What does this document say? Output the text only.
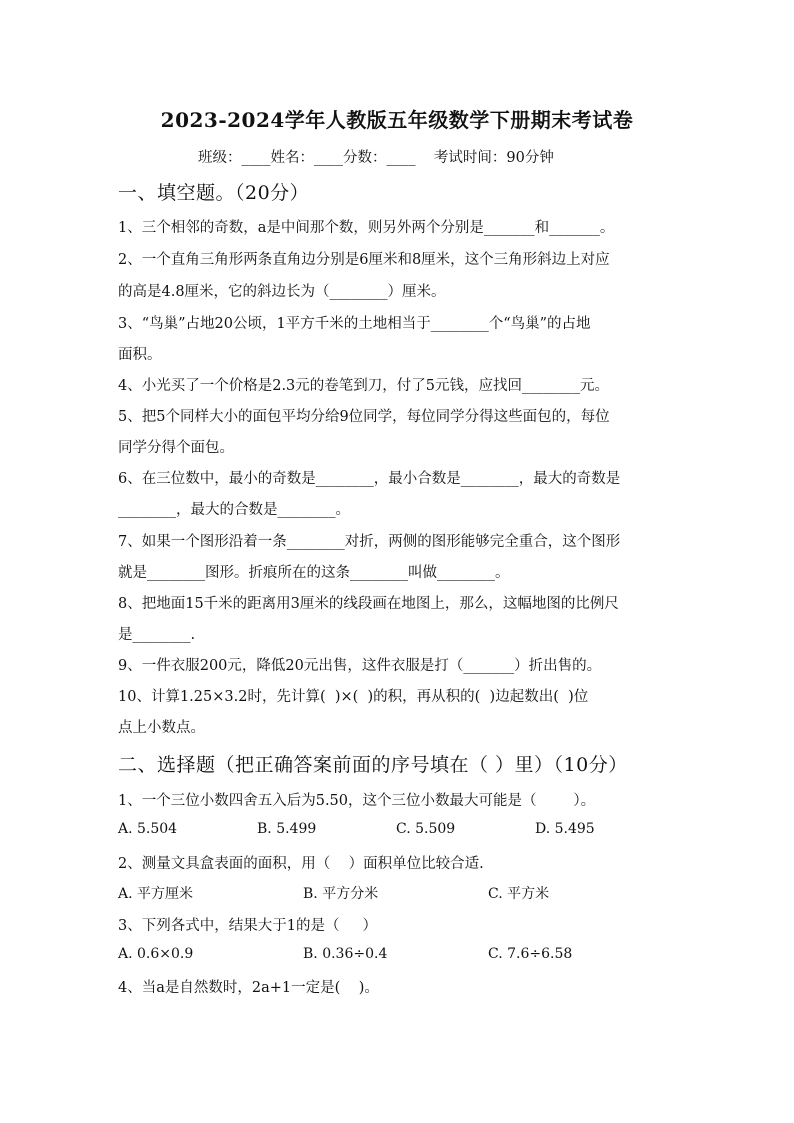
2023-2024学年人教版五年级数学下册期末考试卷
班级：____姓名：____分数：____    考试时间：90分钟
一、填空题。（20分）
1、三个相邻的奇数，a是中间那个数，则另外两个分别是_______和_______。
2、一个直角三角形两条直角边分别是6厘米和8厘米，这个三角形斜边上对应
的高是4.8厘米，它的斜边长为（________）厘米。
3、“鸟巢”占地20公顷，1平方千米的土地相当于________个“鸟巢”的占地
面积。
4、小光买了一个价格是2.3元的卷笔到刀，付了5元钱，应找回________元。
5、把5个同样大小的面包平均分给9位同学，每位同学分得这些面包的，每位
同学分得个面包。
6、在三位数中，最小的奇数是________，最小合数是________，最大的奇数是
________，最大的合数是________。
7、如果一个图形沿着一条________对折，两侧的图形能够完全重合，这个图形
就是________图形。折痕所在的这条________叫做________。
8、把地面15千米的距离用3厘米的线段画在地图上，那么，这幅地图的比例尺
是________.
9、一件衣服200元，降低20元出售，这件衣服是打（_______）折出售的。
10、计算1.25×3.2时，先计算(  )×(  )的积，再从积的(  )边起数出(  )位
点上小数点。
二、选择题（把正确答案前面的序号填在（ ）里）（10分）
1、一个三位小数四舍五入后为5.50，这个三位小数最大可能是（        ）。
A. 5.504	B. 5.499	C. 5.509	D. 5.495
2、测量文具盒表面的面积，用（    ）面积单位比较合适.
A. 平方厘米	B. 平方分米	C. 平方米
3、下列各式中，结果大于1的是（     ）
A. 0.6×0.9	B. 0.36÷0.4	C. 7.6÷6.58
4、当a是自然数时，2a+1一定是(    )。
